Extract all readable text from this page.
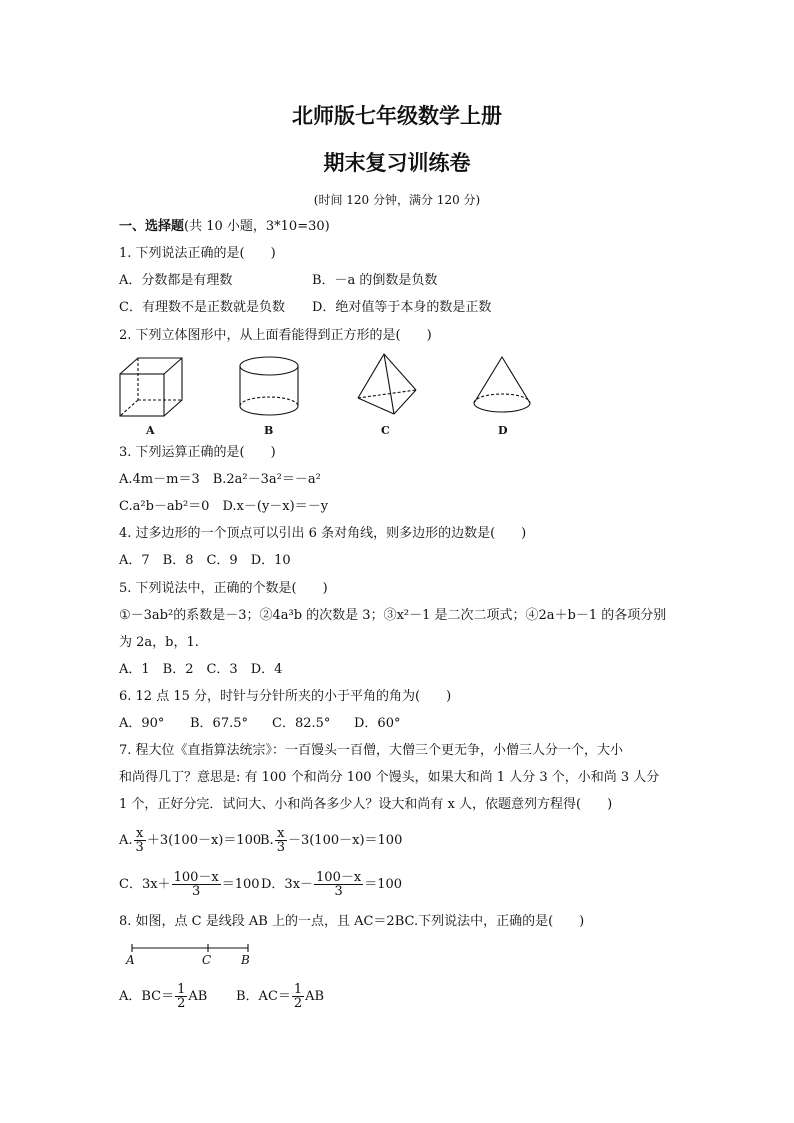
北师版七年级数学上册
期末复习训练卷
(时间 120 分钟，满分 120 分)
一、选择题(共 10 小题，3*10=30)
1. 下列说法正确的是(　　)
A．分数都是有理数	B．－a 的倒数是负数
C．有理数不是正数就是负数 D．绝对值等于本身的数是正数
2. 下列立体图形中，从上面看能得到正方形的是(　　)
A	B	C	D
3. 下列运算正确的是(　　)
A.4m－m＝3　B.2a²－3a²＝－a²
C.a²b－ab²＝0　D.x－(y－x)＝－y
4. 过多边形的一个顶点可以引出 6 条对角线，则多边形的边数是(　　)
A．7　B．8　C．9　D．10
5. 下列说法中，正确的个数是(　　)
①－3ab²的系数是－3；②4a³b 的次数是 3；③x²－1 是二次二项式；④2a＋b－1 的各项分别
为 2a，b，1.
A．1　B．2　C．3　D．4
6. 12 点 15 分，时针与分针所夹的小于平角的角为(　　)
A．90° B．67.5° C．82.5° D．60°
7. 程大位《直指算法统宗》：一百馒头一百僧，大僧三个更无争，小僧三人分一个，大小
和尚得几丁？意思是: 有 100 个和尚分 100 个馒头，如果大和尚 1 人分 3 个，小和尚 3 人分
1 个，正好分完．试问大、小和尚各多少人？设大和尚有 x 人，依题意列方程得(　　)
A. $\frac{x}{3} +3(100-x)=100$
B. $\frac{x}{3} -3(100-x)=100$
C．$3x+ \frac{100-x}{3} =100$ D．$3x- \frac{100-x}{3} =100$
8. 如图，点 C 是线段 AB 上的一点，且 AC＝2BC.下列说法中，正确的是(　　)
A	C B
A．$BC= \frac{1}{2}$ AB B．$AC= \frac{1}{2}$ AB
